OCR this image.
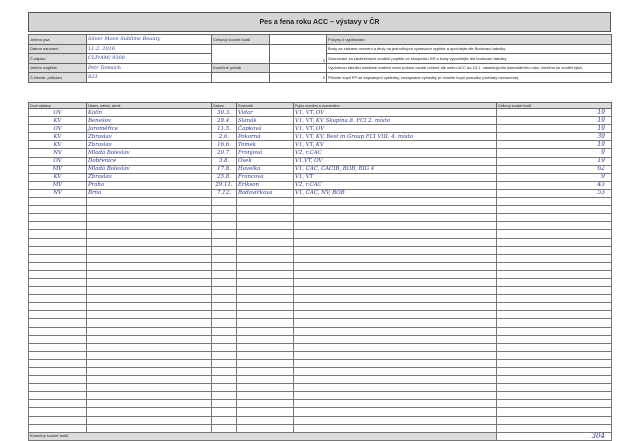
Pes a fena roku ACC – výstavy v ČR
Jméno psa	Silver Moon Sublime Beauty	Celkový součet bodů		Pokyny k vyplňování:
Datum narození	11.2. 2016		0	Body za získané ocenění a tituly na jednotlivých výstavách vyplňte a spočítejte dle Bodovací tabulky.
Č.zápisu	CLP/AM/ 9308			Ocenování za závěrečných soutěží popište ve sloupečku KR a body vypočítejte dle bodovací tabulky.
Jméno majitele	Petr Tomsich	Konečné pořadí		Vyplněnou tabulku odešlete mailem nebo poštou osobě určené dle webu ACC do 15.1. následujícího kalendářního roku, kterého se soutěž týká.
Č.člensk. průkazu	823		0	Přiložte kopii PP se zapsanými výsledky, nezapsané výsledky je doložte kopií posudku (doklady nevracíme).
Druh výstavy	Název, město, země	Datum	Rozhodčí	Popis ocenění a oceneného	Celkový součet bodů
OV	Kolín	30.3.	Vidar	V1, VT, OV	19
KV	Benešov	28.4.	Slanák	V1, VT, KV Skupina 8. FCI 2. místo	19
OV	Jaroměřice	11.5.	Čapková	V1, VT, OV	19
KV	Zbraslav	2.6.	Pokorná	V1, VT, KV, Best in Group FCI VIII. 4. místo	39
KV	Zbraslav	16.6.	Tomek	V1, VT, KV	19
NV	Mladá Boleslav	20.7.	Fronjová	V2, r.CAC	9
OV	Dobřenice	3.8.	Osek	V1,VT, OV	19
MV	Mladá Boleslav	17.8.	Havelka	V1, CAC, CACIB, BOB, BIG 4	62
KV	Zbraslav	25.8.	Francová	V1, VT	9
MV	Praha	29.11.	Erikson	V2, r.CAC	45
NV	Brno	7.12.	Rodovičková	V1, CAC, NV, BOB	53

Konečný součet bodů					304
